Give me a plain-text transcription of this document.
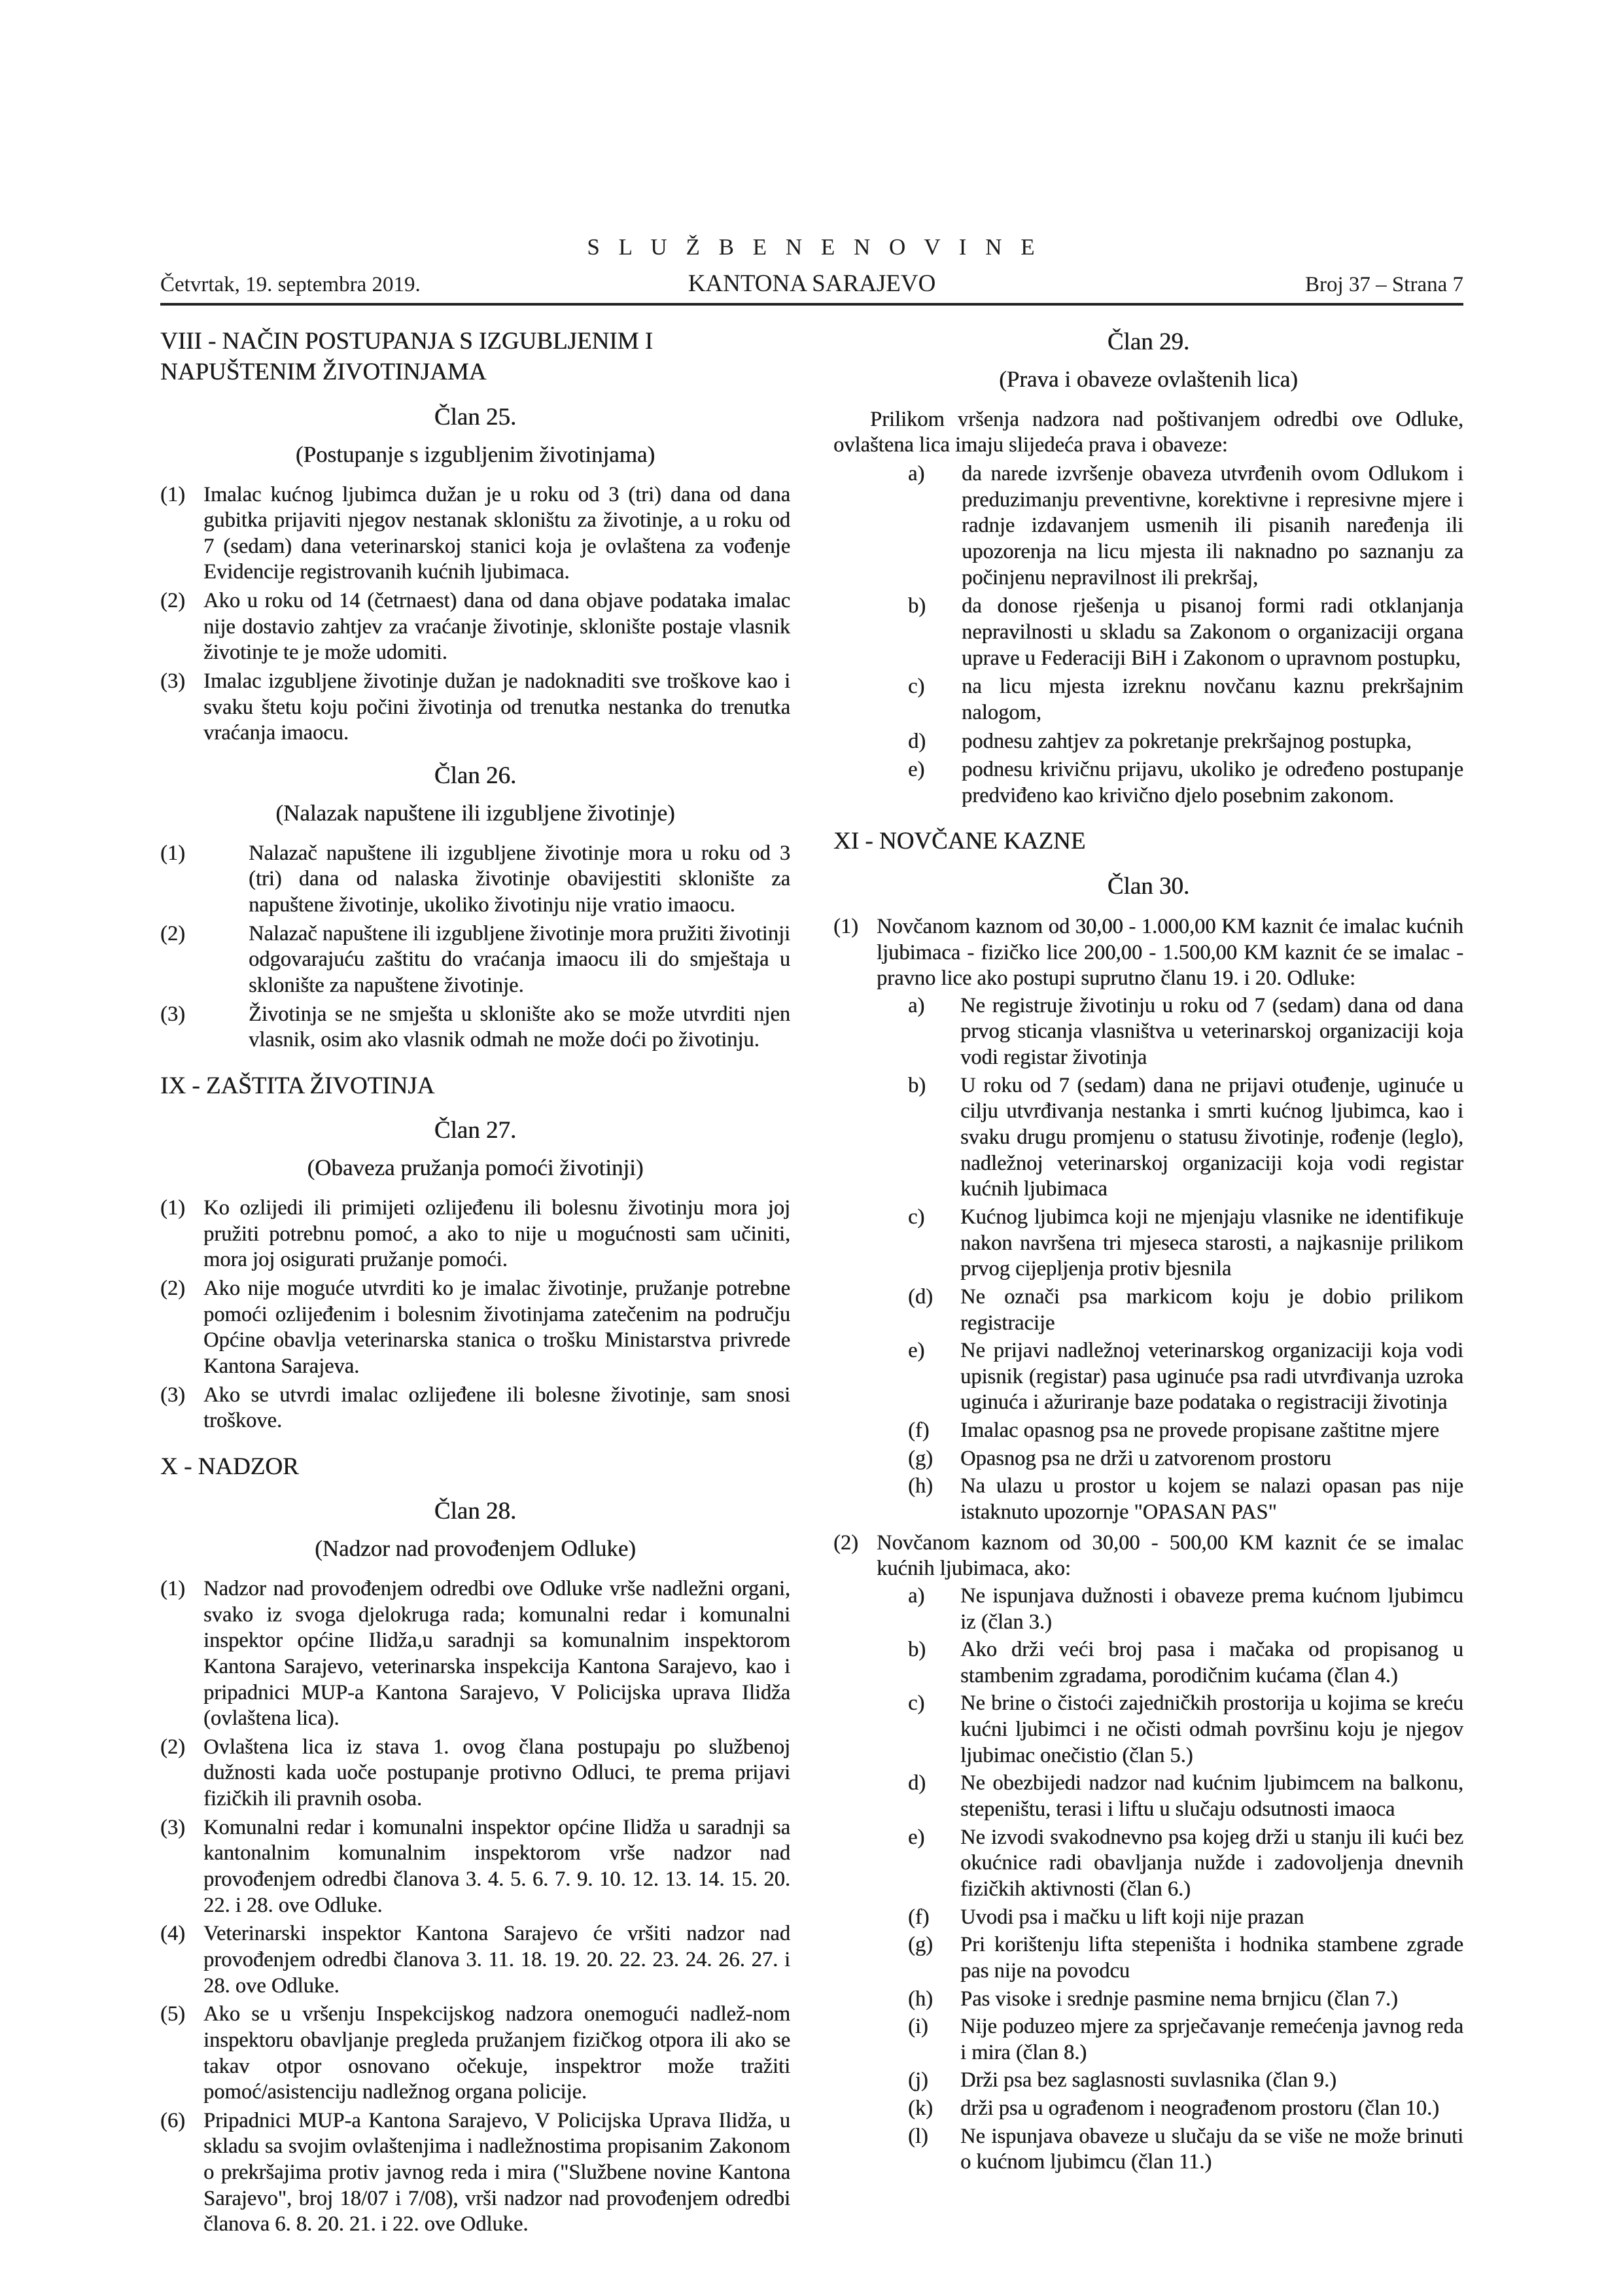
S L U Ž B E N E N O V I N E
Četvrtak, 19. septembra 2019.	KANTONA SARAJEVO	Broj 37 – Strana 7
VIII - NAČIN POSTUPANJA S IZGUBLJENIM I NAPUŠTENIM ŽIVOTINJAMA
Član 25.
(Postupanje s izgubljenim životinjama)
(1) Imalac kućnog ljubimca dužan je u roku od 3 (tri) dana od dana gubitka prijaviti njegov nestanak skloništu za životinje, a u roku od 7 (sedam) dana veterinarskoj stanici koja je ovlaštena za vođenje Evidencije registrovanih kućnih ljubimaca.
(2) Ako u roku od 14 (četrnaest) dana od dana objave podataka imalac nije dostavio zahtjev za vraćanje životinje, sklonište postaje vlasnik životinje te je može udomiti.
(3) Imalac izgubljene životinje dužan je nadoknaditi sve troškove kao i svaku štetu koju počini životinja od trenutka nestanka do trenutka vraćanja imaocu.
Član 26.
(Nalazak napuštene ili izgubljene životinje)
(1)	Nalazač napuštene ili izgubljene životinje mora u roku od 3 (tri) dana od nalaska životinje obavijestiti sklonište za napuštene životinje, ukoliko životinju nije vratio imaocu.
(2)	Nalazač napuštene ili izgubljene životinje mora pružiti životinji odgovarajuću zaštitu do vraćanja imaocu ili do smještaja u sklonište za napuštene životinje.
(3)	Životinja se ne smješta u sklonište ako se može utvrditi njen vlasnik, osim ako vlasnik odmah ne može doći po životinju.
IX - ZAŠTITA ŽIVOTINJA
Član 27.
(Obaveza pružanja pomoći životinji)
(1) Ko ozlijedi ili primijeti ozlijeđenu ili bolesnu životinju mora joj pružiti potrebnu pomoć, a ako to nije u mogućnosti sam učiniti, mora joj osigurati pružanje pomoći.
(2) Ako nije moguće utvrditi ko je imalac životinje, pružanje potrebne pomoći ozlijeđenim i bolesnim životinjama zatečenim na području Općine obavlja veterinarska stanica o trošku Ministarstva privrede Kantona Sarajeva.
(3) Ako se utvrdi imalac ozlijeđene ili bolesne životinje, sam snosi troškove.
X - NADZOR
Član 28.
(Nadzor nad provođenjem Odluke)
(1) Nadzor nad provođenjem odredbi ove Odluke vrše nadležni organi, svako iz svoga djelokruga rada; komunalni redar i komunalni inspektor općine Ilidža,u saradnji sa komunalnim inspektorom Kantona Sarajevo, veterinarska inspekcija Kantona Sarajevo, kao i pripadnici MUP-a Kantona Sarajevo, V Policijska uprava Ilidža (ovlaštena lica).
(2) Ovlaštena lica iz stava 1. ovog člana postupaju po službenoj dužnosti kada uoče postupanje protivno Odluci, te prema prijavi fizičkih ili pravnih osoba.
(3) Komunalni redar i komunalni inspektor općine Ilidža u saradnji sa kantonalnim komunalnim inspektorom vrše nadzor nad provođenjem odredbi članova 3. 4. 5. 6. 7. 9. 10. 12. 13. 14. 15. 20. 22. i 28. ove Odluke.
(4) Veterinarski inspektor Kantona Sarajevo će vršiti nadzor nad provođenjem odredbi članova 3. 11. 18. 19. 20. 22. 23. 24. 26. 27. i 28. ove Odluke.
(5) Ako se u vršenju Inspekcijskog nadzora onemogući nadlež-nom inspektoru obavljanje pregleda pružanjem fizičkog otpora ili ako se takav otpor osnovano očekuje, inspektror može tražiti pomoć/asistenciju nadležnog organa policije.
(6) Pripadnici MUP-a Kantona Sarajevo, V Policijska Uprava Ilidža, u skladu sa svojim ovlaštenjima i nadležnostima propisanim Zakonom o prekršajima protiv javnog reda i mira ("Službene novine Kantona Sarajevo", broj 18/07 i 7/08), vrši nadzor nad provođenjem odredbi članova 6. 8. 20. 21. i 22. ove Odluke.
Član 29.
(Prava i obaveze ovlaštenih lica)

Prilikom vršenja nadzora nad poštivanjem odredbi ove Odluke, ovlaštena lica imaju slijedeća prava i obaveze:

a)	da narede izvršenje obaveza utvrđenih ovom Odlukom i preduzimanju preventivne, korektivne i represivne mjere i radnje izdavanjem usmenih ili pisanih naređenja ili upozorenja na licu mjesta ili naknadno po saznanju za počinjenu nepravilnost ili prekršaj,
b)	da donose rješenja u pisanoj formi radi otklanjanja nepravilnosti u skladu sa Zakonom o organizaciji organa uprave u Federaciji BiH i Zakonom o upravnom postupku,
c)	na licu mjesta izreknu novčanu kaznu prekršajnim nalogom,
d)	podnesu zahtjev za pokretanje prekršajnog postupka,
e)	podnesu krivičnu prijavu, ukoliko je određeno postupanje predviđeno kao krivično djelo posebnim zakonom.
XI - NOVČANE KAZNE
Član 30.
(1) Novčanom kaznom od 30,00 - 1.000,00 KM kaznit će imalac kućnih ljubimaca - fizičko lice 200,00 - 1.500,00 KM kaznit će se imalac - pravno lice ako postupi suprutno članu 19. i 20. Odluke:
a)	Ne registruje životinju u roku od 7 (sedam) dana od dana prvog sticanja vlasništva u veterinarskoj organizaciji koja vodi registar životinja
b)	U roku od 7 (sedam) dana ne prijavi otuđenje, uginuće u cilju utvrđivanja nestanka i smrti kućnog ljubimca, kao i svaku drugu promjenu o statusu životinje, rođenje (leglo), nadležnoj veterinarskoj organizaciji koja vodi registar kućnih ljubimaca
c)	Kućnog ljubimca koji ne mjenjaju vlasnike ne identifikuje nakon navršena tri mjeseca starosti, a najkasnije prilikom prvog cijepljenja protiv bjesnila
(d)	Ne označi psa markicom koju je dobio prilikom registracije
e)	Ne prijavi nadležnoj veterinarskog organizaciji koja vodi upisnik (registar) pasa uginuće psa radi utvrđivanja uzroka uginuća i ažuriranje baze podataka o registraciji životinja
(f)	Imalac opasnog psa ne provede propisane zaštitne mjere
(g)	Opasnog psa ne drži u zatvorenom prostoru
(h)	Na ulazu u prostor u kojem se nalazi opasan pas nije istaknuto upozornje "OPASAN PAS"
(2) Novčanom kaznom od 30,00 - 500,00 KM kaznit će se imalac kućnih ljubimaca, ako:
a)	Ne ispunjava dužnosti i obaveze prema kućnom ljubimcu iz (član 3.)
b)	Ako drži veći broj pasa i mačaka od propisanog u stambenim zgradama, porodičnim kućama (član 4.)
c)	Ne brine o čistoći zajedničkih prostorija u kojima se kreću kućni ljubimci i ne očisti odmah površinu koju je njegov ljubimac onečistio (član 5.)
d)	Ne obezbijedi nadzor nad kućnim ljubimcem na balkonu, stepeništu, terasi i liftu u slučaju odsutnosti imaoca
e)	Ne izvodi svakodnevno psa kojeg drži u stanju ili kući bez okućnice radi obavljanja nužde i zadovoljenja dnevnih fizičkih aktivnosti (član 6.)
(f)	Uvodi psa i mačku u lift koji nije prazan
(g)	Pri korištenju lifta stepeništa i hodnika stambene zgrade pas nije na povodcu
(h)	Pas visoke i srednje pasmine nema brnjicu (član 7.)
(i)	Nije poduzeo mjere za sprječavanje remećenja javnog reda i mira (član 8.)
(j)	Drži psa bez saglasnosti suvlasnika (član 9.)
(k)	drži psa u ograđenom i neograđenom prostoru (član 10.)
(l)	Ne ispunjava obaveze u slučaju da se više ne može brinuti o kućnom ljubimcu (član 11.)
